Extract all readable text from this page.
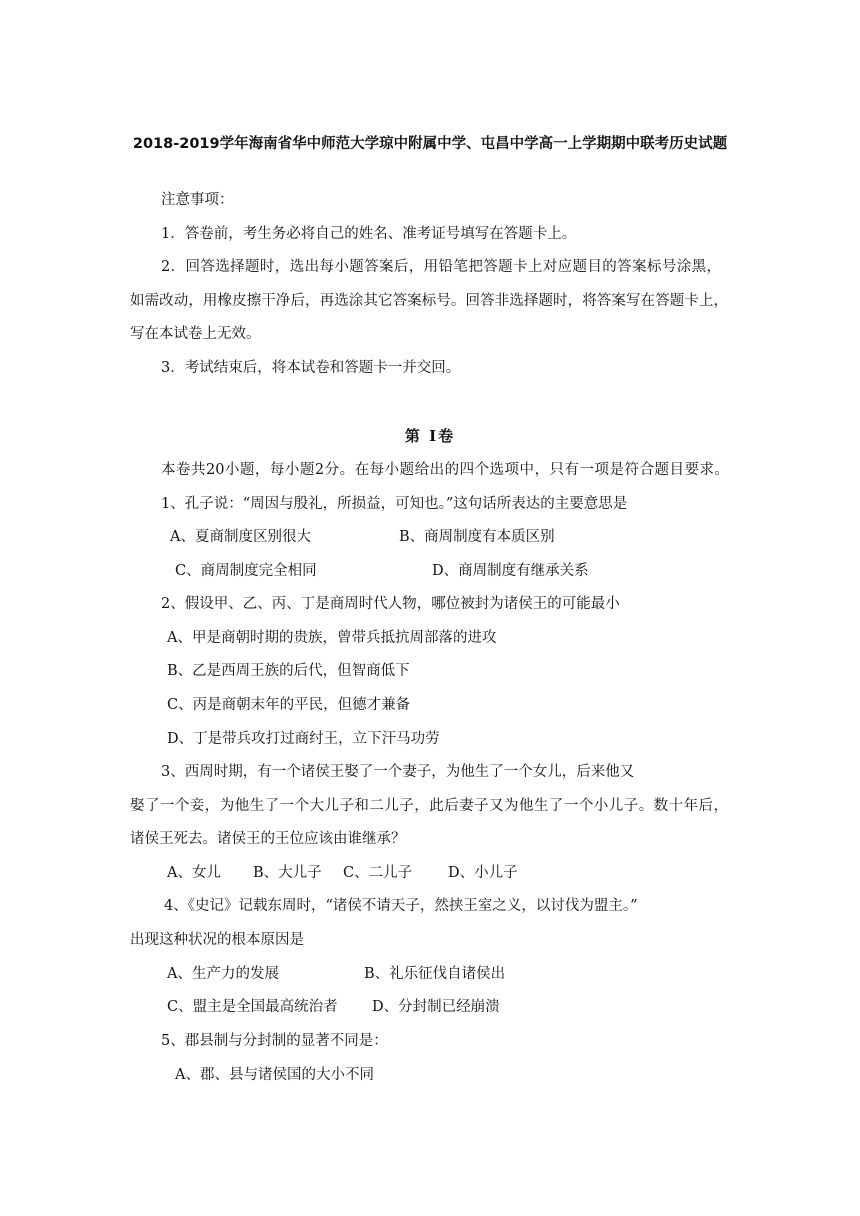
2018-2019学年海南省华中师范大学琼中附属中学、屯昌中学高一上学期期中联考历史试题
注意事项：
1．答卷前，考生务必将自己的姓名、准考证号填写在答题卡上。
2．回答选择题时，选出每小题答案后，用铅笔把答题卡上对应题目的答案标号涂黑，
如需改动，用橡皮擦干净后，再选涂其它答案标号。回答非选择题时，将答案写在答题卡上，
写在本试卷上无效。
3．考试结束后，将本试卷和答题卡一并交回。
第 Ⅰ卷
本卷共20小题，每小题2分。在每小题给出的四个选项中，只有一项是符合题目要求。
1、孔子说：“周因与殷礼，所损益，可知也。”这句话所表达的主要意思是
A、夏商制度区别很大	B、商周制度有本质区别
C、商周制度完全相同	D、商周制度有继承关系
2、假设甲、乙、丙、丁是商周时代人物，哪位被封为诸侯王的可能最小
A、甲是商朝时期的贵族，曾带兵抵抗周部落的进攻
B、乙是西周王族的后代，但智商低下
C、丙是商朝末年的平民，但德才兼备
D、丁是带兵攻打过商纣王，立下汗马功劳
3、西周时期，有一个诸侯王娶了一个妻子，为他生了一个女儿，后来他又
娶了一个妾，为他生了一个大儿子和二儿子，此后妻子又为他生了一个小儿子。数十年后，
诸侯王死去。诸侯王的王位应该由谁继承？
A、女儿 B、大儿子 C、二儿子 D、小儿子
4、《史记》记载东周时，“诸侯不请天子，然挟王室之义，以讨伐为盟主。”
出现这种状况的根本原因是
A、生产力的发展	B、礼乐征伐自诸侯出
C、盟主是全国最高统治者 D、分封制已经崩溃
5、郡县制与分封制的显著不同是：
A、郡、县与诸侯国的大小不同
